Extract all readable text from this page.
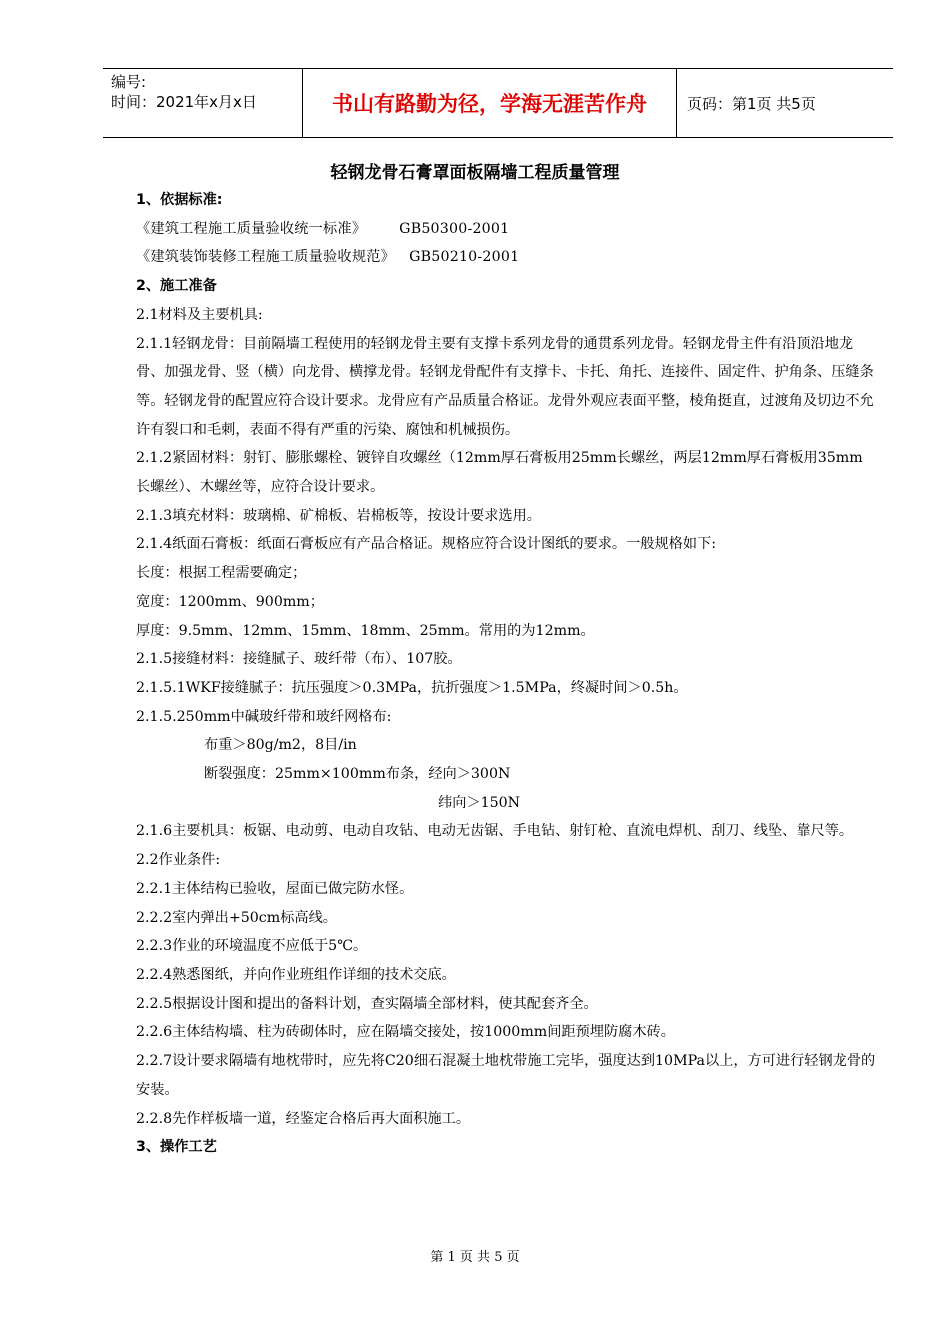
编号:
时间：2021年x月x日	书山有路勤为径，学海无涯苦作舟	页码：第1页 共5页
轻钢龙骨石膏罩面板隔墙工程质量管理

1、依据标准:

《建筑工程施工质量验收统一标准》       GB50300-2001

《建筑装饰装修工程施工质量验收规范》   GB50210-2001

2、施工准备

2.1材料及主要机具:

2.1.1轻钢龙骨：目前隔墙工程使用的轻钢龙骨主要有支撑卡系列龙骨的通贯系列龙骨。轻钢龙骨主件有沿顶沿地龙骨、加强龙骨、竖（横）向龙骨、横撑龙骨。轻钢龙骨配件有支撑卡、卡托、角托、连接件、固定件、护角条、压缝条等。轻钢龙骨的配置应符合设计要求。龙骨应有产品质量合格证。龙骨外观应表面平整，棱角挺直，过渡角及切边不允许有裂口和毛刺，表面不得有严重的污染、腐蚀和机械损伤。

2.1.2紧固材料：射钉、膨胀螺栓、镀锌自攻螺丝（12mm厚石膏板用25mm长螺丝，两层12mm厚石膏板用35mm长螺丝）、木螺丝等，应符合设计要求。

2.1.3填充材料：玻璃棉、矿棉板、岩棉板等，按设计要求选用。

2.1.4纸面石膏板：纸面石膏板应有产品合格证。规格应符合设计图纸的要求。一般规格如下:

长度：根据工程需要确定；

宽度：1200mm、900mm；

厚度：9.5mm、12mm、15mm、18mm、25mm。常用的为12mm。

2.1.5接缝材料：接缝腻子、玻纤带（布）、107胶。

2.1.5.1WKF接缝腻子：抗压强度＞0.3MPa，抗折强度＞1.5MPa，终凝时间＞0.5h。

2.1.5.250mm中碱玻纤带和玻纤网格布:

布重＞80g/m2，8目/in

断裂强度：25mm×100mm布条，经向＞300N

纬向＞150N

2.1.6主要机具：板锯、电动剪、电动自攻钻、电动无齿锯、手电钻、射钉枪、直流电焊机、刮刀、线坠、靠尺等。

2.2作业条件:

2.2.1主体结构已验收，屋面已做完防水怪。

2.2.2室内弹出+50cm标高线。

2.2.3作业的环境温度不应低于5℃。

2.2.4熟悉图纸，并向作业班组作详细的技术交底。

2.2.5根据设计图和提出的备料计划，查实隔墙全部材料，使其配套齐全。

2.2.6主体结构墙、柱为砖砌体时，应在隔墙交接处，按1000mm间距预埋防腐木砖。

2.2.7设计要求隔墙有地枕带时，应先将C20细石混凝土地枕带施工完毕，强度达到10MPa以上，方可进行轻钢龙骨的安装。

2.2.8先作样板墙一道，经鉴定合格后再大面积施工。

3、操作工艺

第 1 页 共 5 页
